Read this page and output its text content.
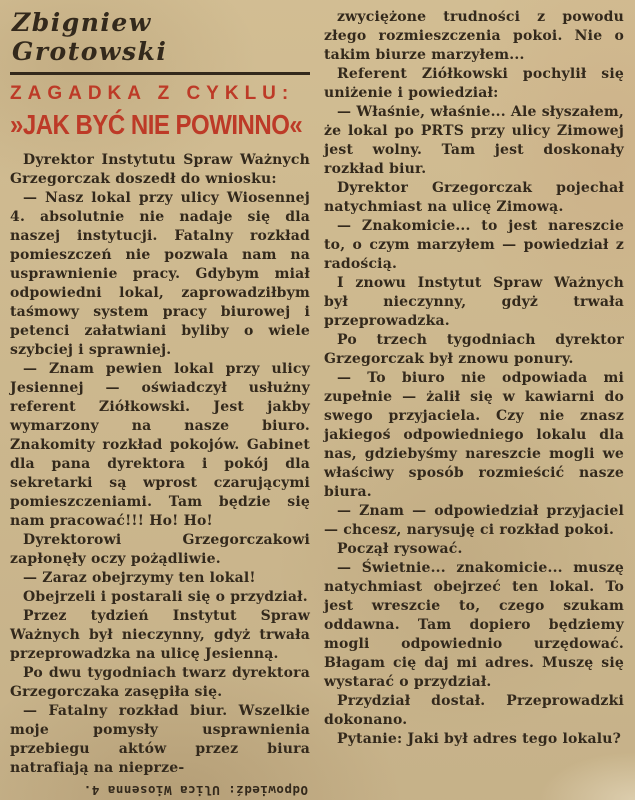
Zbigniew Grotowski
ZAGADKA Z CYKLU:
»JAK BYĆ NIE POWINNO«

Dyrektor Instytutu Spraw Ważnych Grzegorczak doszedł do wniosku:

— Nasz lokal przy ulicy Wiosennej 4. absolutnie nie nadaje się dla naszej instytucji. Fatalny rozkład pomieszczeń nie pozwala nam na usprawnienie pracy. Gdybym miał odpowiedni lokal, zaprowadziłbym taśmowy system pracy biurowej i petenci załatwiani byliby o wiele szybciej i sprawniej.

— Znam pewien lokal przy ulicy Jesiennej — oświadczył usłużny referent Ziółkowski. Jest jakby wymarzony na nasze biuro. Znakomity rozkład pokojów. Gabinet dla pana dyrektora i pokój dla sekretarki są wprost czarującymi pomieszczeniami. Tam będzie się nam pracować!!! Ho! Ho!

Dyrektorowi Grzegorczakowi zapłonęły oczy pożądliwie.

— Zaraz obejrzymy ten lokal!

Obejrzeli i postarali się o przydział.

Przez tydzień Instytut Spraw Ważnych był nieczynny, gdyż trwała przeprowadzka na ulicę Jesienną.

Po dwu tygodniach twarz dyrektora Grzegorczaka zasępiła się.

— Fatalny rozkład biur. Wszelkie moje pomysły usprawnienia przebiegu aktów przez biura natrafiają na nieprze-

zwyciężone trudności z powodu złego rozmieszczenia pokoi. Nie o takim biurze marzyłem...

Referent Ziółkowski pochylił się uniżenie i powiedział:

— Właśnie, właśnie... Ale słyszałem, że lokal po PRTS przy ulicy Zimowej jest wolny. Tam jest doskonały rozkład biur.

Dyrektor Grzegorczak pojechał natychmiast na ulicę Zimową.

— Znakomicie... to jest nareszcie to, o czym marzyłem — powiedział z radością.

I znowu Instytut Spraw Ważnych był nieczynny, gdyż trwała przeprowadzka.

Po trzech tygodniach dyrektor Grzegorczak był znowu ponury.

— To biuro nie odpowiada mi zupełnie — żalił się w kawiarni do swego przyjaciela. Czy nie znasz jakiegoś odpowiedniego lokalu dla nas, gdziebyśmy nareszcie mogli we właściwy sposób rozmieścić nasze biura.

— Znam — odpowiedział przyjaciel — chcesz, narysuję ci rozkład pokoi.

Począł rysować.

— Świetnie... znakomicie... muszę natychmiast obejrzeć ten lokal. To jest wreszcie to, czego szukam oddawna. Tam dopiero będziemy mogli odpowiednio urzędować. Błagam cię daj mi adres. Muszę się wystarać o przydział.

Przydział dostał. Przeprowadzki dokonano.

Pytanie: Jaki był adres tego lokalu?

Odpowiedź: Ulica Wiosenna 4.
